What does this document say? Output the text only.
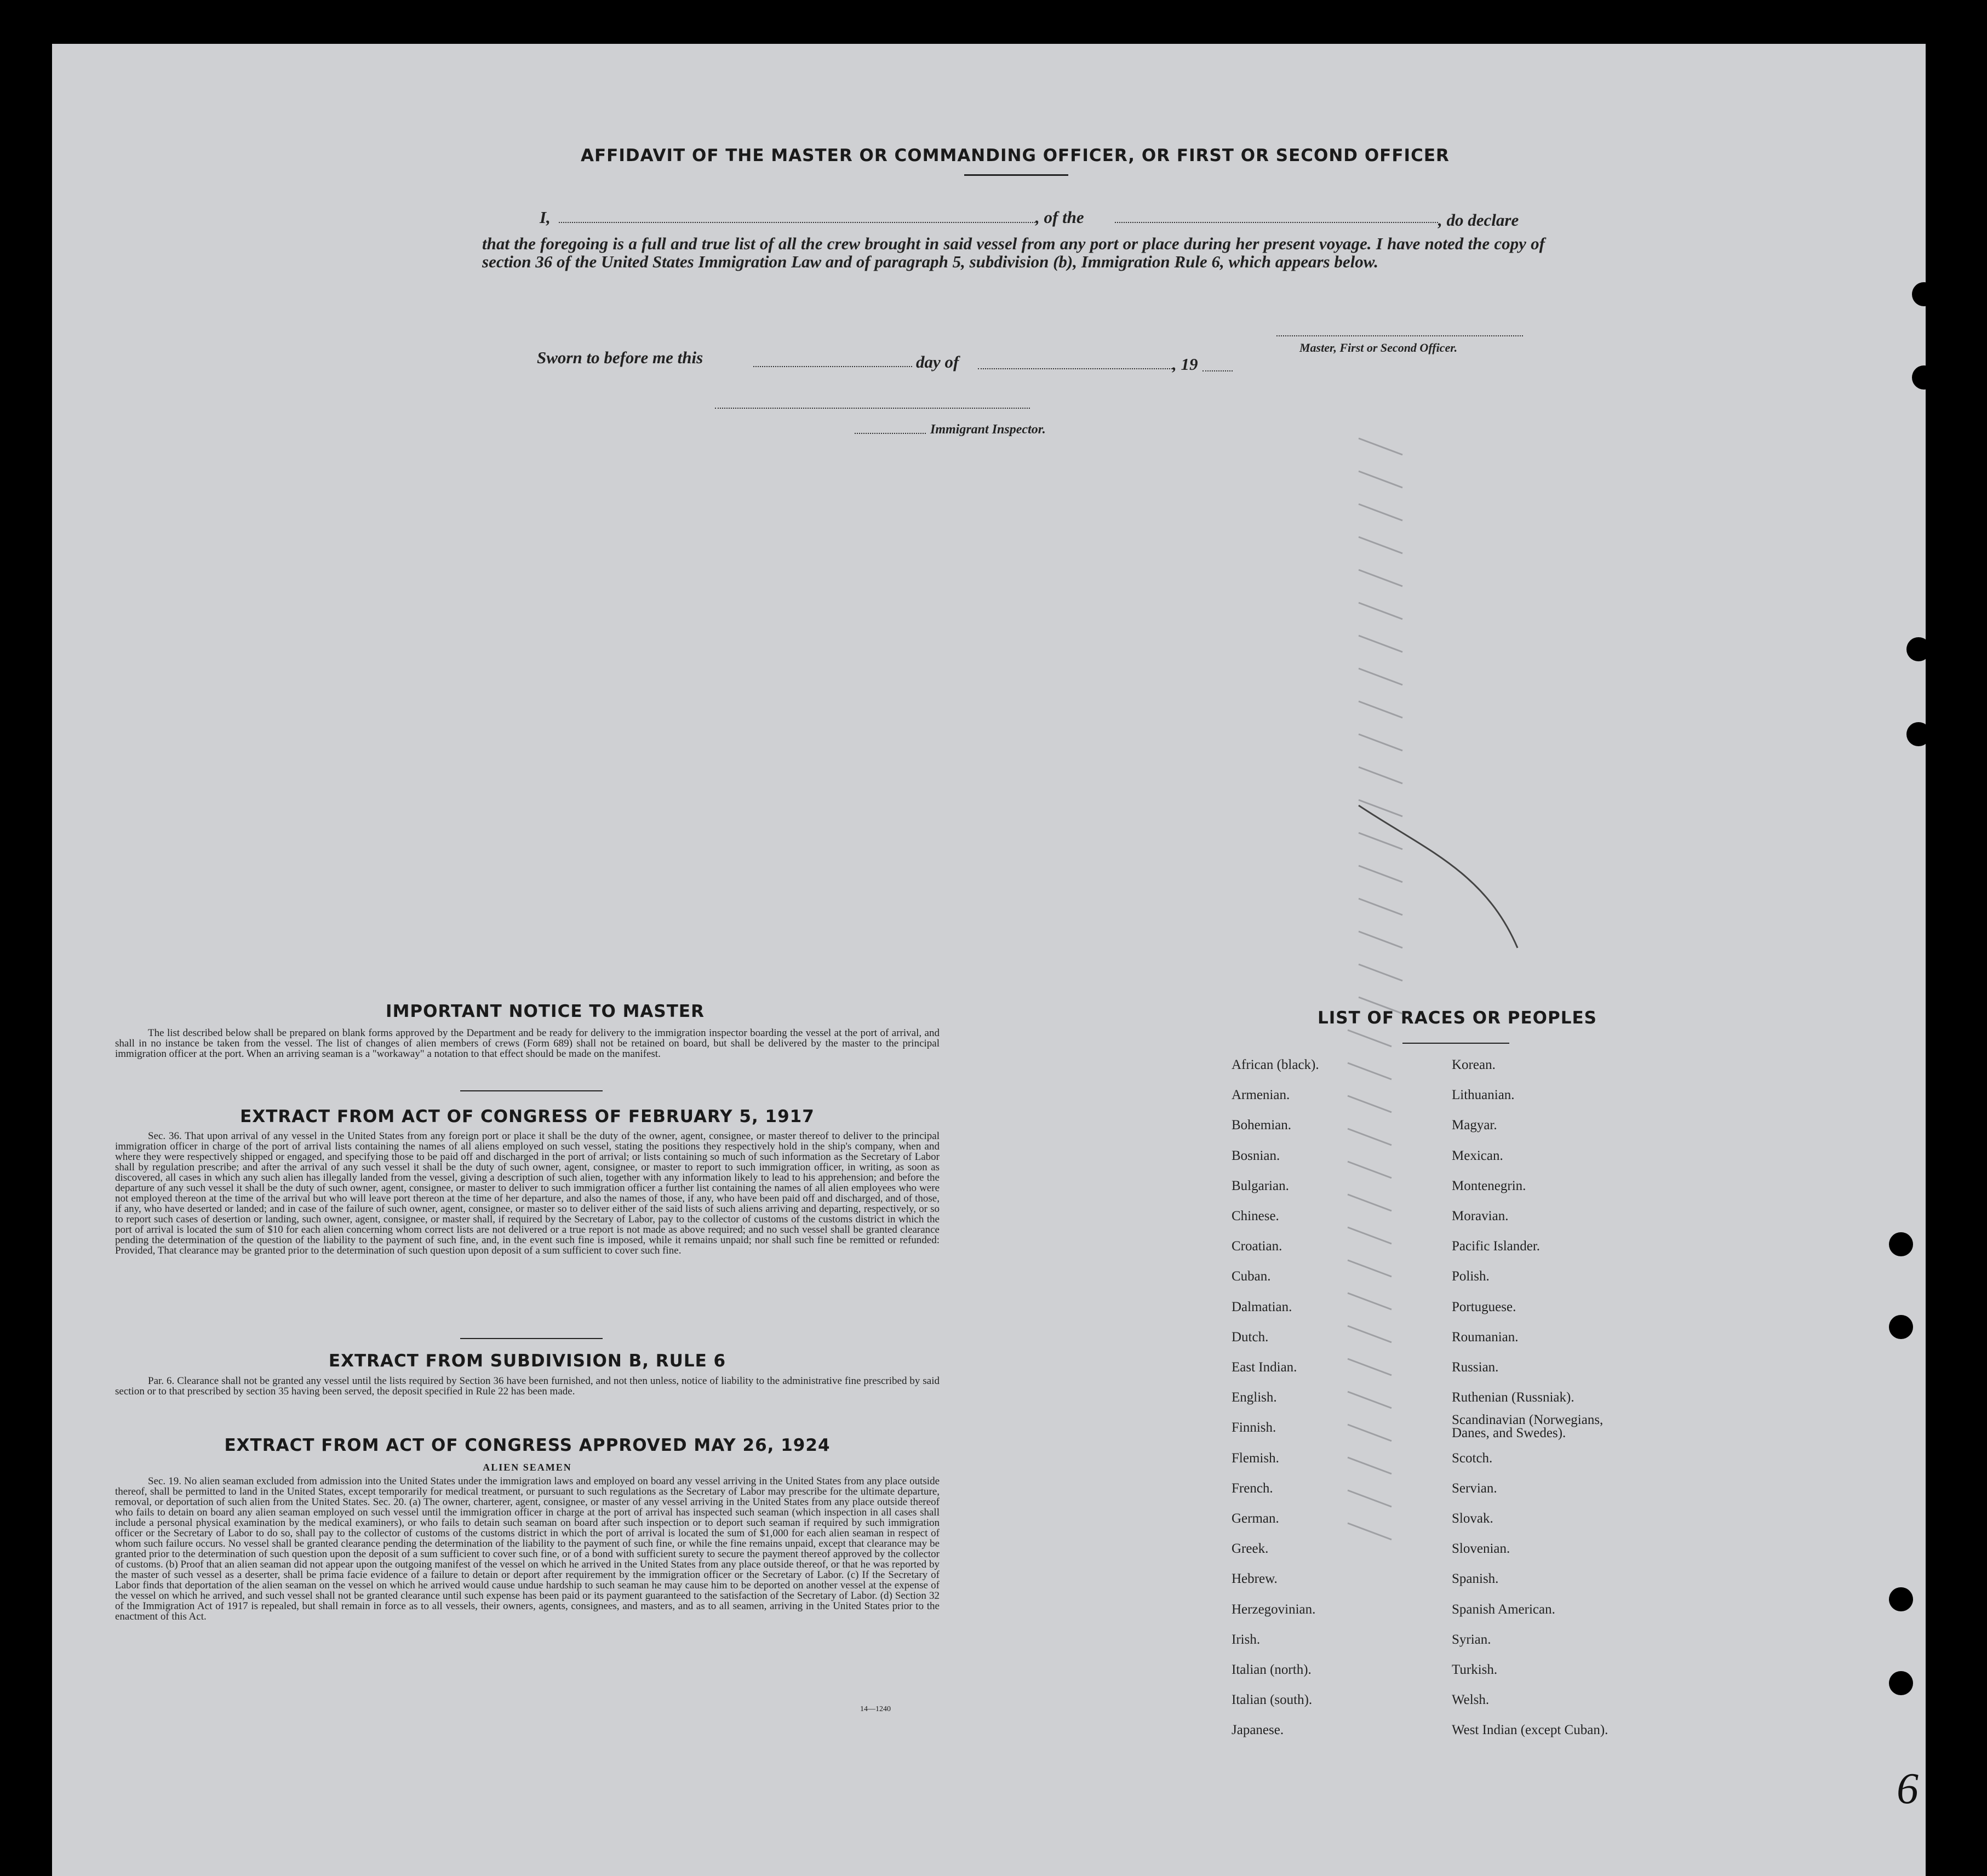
AFFIDAVIT OF THE MASTER OR COMMANDING OFFICER, OR FIRST OR SECOND OFFICER
I,	, of the	, do declare
that the foregoing is a full and true list of all the crew brought in said vessel from any port or place during her present voyage. I have noted the copy of section 36 of the United States Immigration Law and of paragraph 5, subdivision (b), Immigration Rule 6, which appears below.
Master, First or Second Officer.
Sworn to before me this	day of	, 19
Immigrant Inspector.
IMPORTANT NOTICE TO MASTER
The list described below shall be prepared on blank forms approved by the Department and be ready for delivery to the immigration inspector boarding the vessel at the port of arrival, and shall in no instance be taken from the vessel. The list of changes of alien members of crews (Form 689) shall not be retained on board, but shall be delivered by the master to the principal immigration officer at the port. When an arriving seaman is a "workaway" a notation to that effect should be made on the manifest.
EXTRACT FROM ACT OF CONGRESS OF FEBRUARY 5, 1917
Sec. 36. That upon arrival of any vessel in the United States from any foreign port or place it shall be the duty of the owner, agent, consignee, or master thereof to deliver to the principal immigration officer in charge of the port of arrival lists containing the names of all aliens employed on such vessel, stating the positions they respectively hold in the ship's company, when and where they were respectively shipped or engaged, and specifying those to be paid off and discharged in the port of arrival; or lists containing so much of such information as the Secretary of Labor shall by regulation prescribe; and after the arrival of any such vessel it shall be the duty of such owner, agent, consignee, or master to report to such immigration officer, in writing, as soon as discovered, all cases in which any such alien has illegally landed from the vessel, giving a description of such alien, together with any information likely to lead to his apprehension; and before the departure of any such vessel it shall be the duty of such owner, agent, consignee, or master to deliver to such immigration officer a further list containing the names of all alien employees who were not employed thereon at the time of the arrival but who will leave port thereon at the time of her departure, and also the names of those, if any, who have been paid off and discharged, and of those, if any, who have deserted or landed; and in case of the failure of such owner, agent, consignee, or master so to deliver either of the said lists of such aliens arriving and departing, respectively, or so to report such cases of desertion or landing, such owner, agent, consignee, or master shall, if required by the Secretary of Labor, pay to the collector of customs of the customs district in which the port of arrival is located the sum of $10 for each alien concerning whom correct lists are not delivered or a true report is not made as above required; and no such vessel shall be granted clearance pending the determination of the question of the liability to the payment of such fine, and, in the event such fine is imposed, while it remains unpaid; nor shall such fine be remitted or refunded: Provided, That clearance may be granted prior to the determination of such question upon deposit of a sum sufficient to cover such fine.
EXTRACT FROM SUBDIVISION B, RULE 6
Par. 6. Clearance shall not be granted any vessel until the lists required by Section 36 have been furnished, and not then unless, notice of liability to the administrative fine prescribed by said section or to that prescribed by section 35 having been served, the deposit specified in Rule 22 has been made.
EXTRACT FROM ACT OF CONGRESS APPROVED MAY 26, 1924
ALIEN SEAMEN
Sec. 19. No alien seaman excluded from admission into the United States under the immigration laws and employed on board any vessel arriving in the United States from any place outside thereof, shall be permitted to land in the United States, except temporarily for medical treatment, or pursuant to such regulations as the Secretary of Labor may prescribe for the ultimate departure, removal, or deportation of such alien from the United States. Sec. 20. (a) The owner, charterer, agent, consignee, or master of any vessel arriving in the United States from any place outside thereof who fails to detain on board any alien seaman employed on such vessel until the immigration officer in charge at the port of arrival has inspected such seaman (which inspection in all cases shall include a personal physical examination by the medical examiners), or who fails to detain such seaman on board after such inspection or to deport such seaman if required by such immigration officer or the Secretary of Labor to do so, shall pay to the collector of customs of the customs district in which the port of arrival is located the sum of $1,000 for each alien seaman in respect of whom such failure occurs. No vessel shall be granted clearance pending the determination of the liability to the payment of such fine, or while the fine remains unpaid, except that clearance may be granted prior to the determination of such question upon the deposit of a sum sufficient to cover such fine, or of a bond with sufficient surety to secure the payment thereof approved by the collector of customs. (b) Proof that an alien seaman did not appear upon the outgoing manifest of the vessel on which he arrived in the United States from any place outside thereof, or that he was reported by the master of such vessel as a deserter, shall be prima facie evidence of a failure to detain or deport after requirement by the immigration officer or the Secretary of Labor. (c) If the Secretary of Labor finds that deportation of the alien seaman on the vessel on which he arrived would cause undue hardship to such seaman he may cause him to be deported on another vessel at the expense of the vessel on which he arrived, and such vessel shall not be granted clearance until such expense has been paid or its payment guaranteed to the satisfaction of the Secretary of Labor. (d) Section 32 of the Immigration Act of 1917 is repealed, but shall remain in force as to all vessels, their owners, agents, consignees, and masters, and as to all seamen, arriving in the United States prior to the enactment of this Act.
14—1240
LIST OF RACES OR PEOPLES
African (black).
Armenian.
Bohemian.
Bosnian.
Bulgarian.
Chinese.
Croatian.
Cuban.
Dalmatian.
Dutch.
East Indian.
English.
Finnish.
Flemish.
French.
German.
Greek.
Hebrew.
Herzegovinian.
Irish.
Italian (north).
Italian (south).
Japanese.
Korean.
Lithuanian.
Magyar.
Mexican.
Montenegrin.
Moravian.
Pacific Islander.
Polish.
Portuguese.
Roumanian.
Russian.
Ruthenian (Russniak).
Scandinavian (Norwegians, Danes, and Swedes).
Scotch.
Servian.
Slovak.
Slovenian.
Spanish.
Spanish American.
Syrian.
Turkish.
Welsh.
West Indian (except Cuban).
6
